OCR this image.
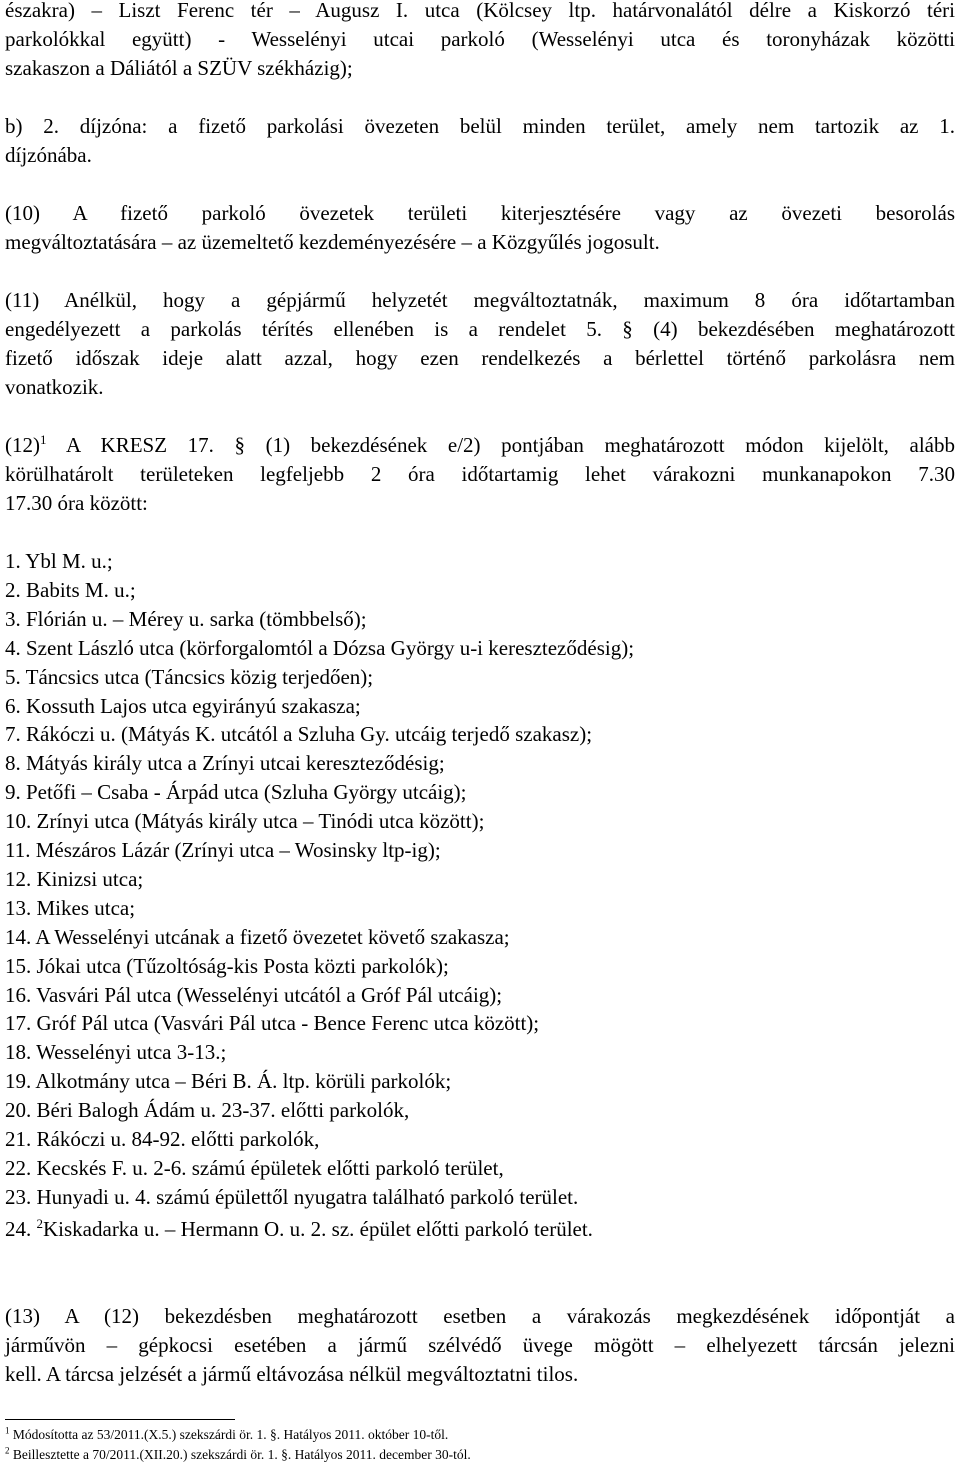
északra) – Liszt Ferenc tér – Augusz I. utca (Kölcsey ltp. határvonalától délre a Kiskorzó téri
parkolókkal együtt) - Wesselényi utcai parkoló (Wesselényi utca és toronyházak közötti
szakaszon a Dáliától a SZÜV székházig);
b) 2. díjzóna: a fizető parkolási övezeten belül minden terület, amely nem tartozik az 1.
díjzónába.
(10) A fizető parkoló övezetek területi kiterjesztésére vagy az övezeti besorolás
megváltoztatására – az üzemeltető kezdeményezésére – a Közgyűlés jogosult.
(11) Anélkül, hogy a gépjármű helyzetét megváltoztatnák, maximum 8 óra időtartamban
engedélyezett a parkolás térítés ellenében is a rendelet 5. § (4) bekezdésében meghatározott
fizető időszak ideje alatt azzal, hogy ezen rendelkezés a bérlettel történő parkolásra nem
vonatkozik.
(12)$^1$ A KRESZ 17. § (1) bekezdésének e/2) pontjában meghatározott módon kijelölt, alább
körülhatárolt területeken legfeljebb 2 óra időtartamig lehet várakozni munkanapokon 7.30
17.30 óra között:
1. Ybl M. u.;
2. Babits M. u.;
3. Flórián u. – Mérey u. sarka (tömbbelső);
4. Szent László utca (körforgalomtól a Dózsa György u-i kereszteződésig);
5. Táncsics utca (Táncsics közig terjedően);
6. Kossuth Lajos utca egyirányú szakasza;
7. Rákóczi u. (Mátyás K. utcától a Szluha Gy. utcáig terjedő szakasz);
8. Mátyás király utca a Zrínyi utcai kereszteződésig;
9. Petőfi – Csaba - Árpád utca (Szluha György utcáig);
10. Zrínyi utca (Mátyás király utca – Tinódi utca között);
11. Mészáros Lázár (Zrínyi utca – Wosinsky ltp-ig);
12. Kinizsi utca;
13. Mikes utca;
14. A Wesselényi utcának a fizető övezetet követő szakasza;
15. Jókai utca (Tűzoltóság-kis Posta közti parkolók);
16. Vasvári Pál utca (Wesselényi utcától a Gróf Pál utcáig);
17. Gróf Pál utca (Vasvári Pál utca - Bence Ferenc utca között);
18. Wesselényi utca 3-13.;
19. Alkotmány utca – Béri B. Á. ltp. körüli parkolók;
20. Béri Balogh Ádám u. 23-37. előtti parkolók,
21. Rákóczi u. 84-92. előtti parkolók,
22. Kecskés F. u. 2-6. számú épületek előtti parkoló terület,
23. Hunyadi u. 4. számú épülettől nyugatra található parkoló terület.
24. $^2$Kiskadarka u. – Hermann O. u. 2. sz. épület előtti parkoló terület.
(13) A (12) bekezdésben meghatározott esetben a várakozás megkezdésének időpontját a
járművön – gépkocsi esetében a jármű szélvédő üvege mögött – elhelyezett tárcsán jelezni
kell. A tárcsa jelzését a jármű eltávozása nélkül megváltoztatni tilos.
$^1$ Módosította az 53/2011.(X.5.) szekszárdi ör. 1. §. Hatályos 2011. október 10-től.
$^2$ Beillesztette a 70/2011.(XII.20.) szekszárdi ör. 1. §. Hatályos 2011. december 30-tól.
